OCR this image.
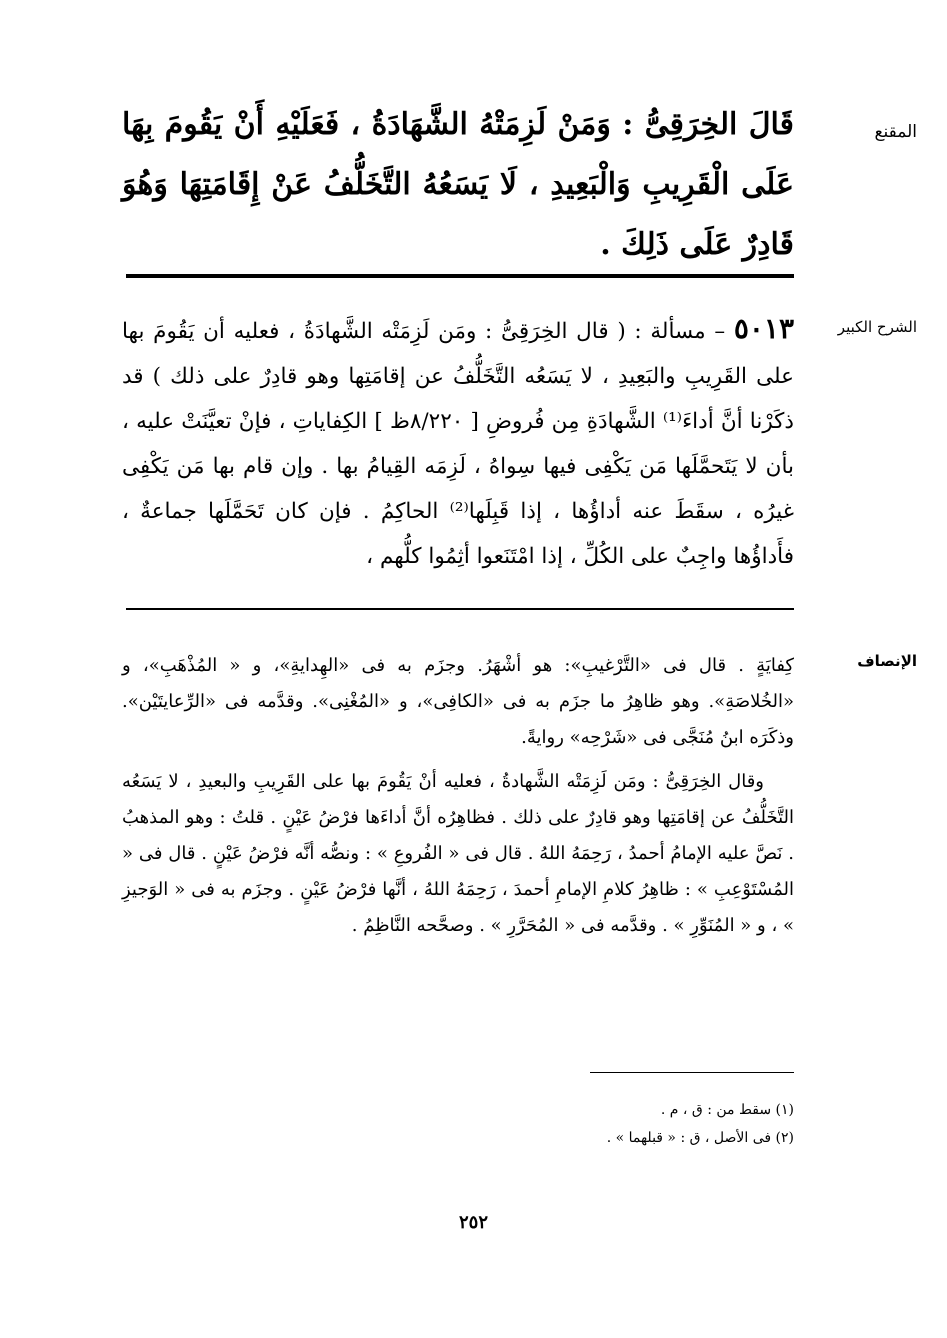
المقنع
قَالَ الخِرَقِىُّ : وَمَنْ لَزِمَتْهُ الشَّهَادَةُ ، فَعَلَيْهِ أَنْ يَقُومَ بِهَا عَلَى الْقَرِيبِ وَالْبَعِيدِ ، لَا يَسَعُهُ التَّخَلُّفُ عَنْ إِقَامَتِهَا وَهُوَ قَادِرٌ عَلَى ذَلِكَ .
الشرح الكبير
٥٠١٣ – مسألة : ( قال الخِرَقِىُّ : ومَن لَزِمَتْه الشَّهادَةُ ، فعليه أن يَقُومَ بها على القَرِيبِ والبَعِيدِ ، لا يَسَعُه التَّخَلُّفُ عن إقامَتِها وهو قادِرٌ على ذلك ) قد ذكَرْنا أنَّ أداءَ⁽¹⁾ الشَّهادَةِ مِن فُروضِ [ ٨/٢٢٠ظ ] الكِفاياتِ ، فإنْ تعيَّنَتْ عليه ، بأن لا يَتَحمَّلَها مَن يَكْفِى فيها سِواهُ ، لَزِمَه القِيامُ بها . وإن قام بها مَن يَكْفِى غيرُه ، سقَطَ عنه أداؤُها ، إذا قَبِلَها⁽²⁾ الحاكِمُ . فإن كان تَحَمَّلَها جماعةٌ ، فأَداؤُها واجِبٌ على الكُلِّ ، إذا امْتَنَعوا أثِمُوا كلُّهم ،
الإنصاف

كِفايَةٍ . قال فى «التَّرْغيبِ»: هو أشْهَرُ. وجزَم به فى «الهِدايةِ»، و « المُذْهَبِ»، و «الخُلاصَةِ». وهو ظاهِرُ ما جزَم به فى «الكافِى»، و «المُغْنِى». وقدَّمه فى «الرِّعايتَيْن». وذكَرَه ابنُ مُنَجَّى فى «شَرْحِه» روايةً.

وقال الخِرَقِىُّ : ومَن لَزِمَتْه الشَّهادةُ ، فعليه أنْ يَقُومَ بها على القَرِيبِ والبعيدِ ، لا يَسَعُه التَّخَلُّفُ عن إقامَتِها وهو قادِرٌ على ذلك . فظاهِرُه أنَّ أداءَها فرْضُ عَيْنٍ . قلتُ : وهو المذهبُ . نَصَّ عليه الإمامُ أحمدُ ، رَحِمَهُ اللهُ . قال فى « الفُروعِ » : ونصُّه أنَّه فرْضُ عَيْنٍ . قال فى « المُسْتَوْعِبِ » : ظاهِرُ كلامِ الإمامِ أحمدَ ، رَحِمَهُ اللهُ ، أنَّها فرْضُ عَيْنٍ . وجزَم به فى « الوَجيزِ » ، و « المُنَوِّرِ » . وقدَّمه فى « المُحَرَّرِ » . وصحَّحه النَّاظِمُ .

(١) سقط من : ق ، م .
(٢) فى الأصل ، ق : « قبلهما » .
٢٥٢
